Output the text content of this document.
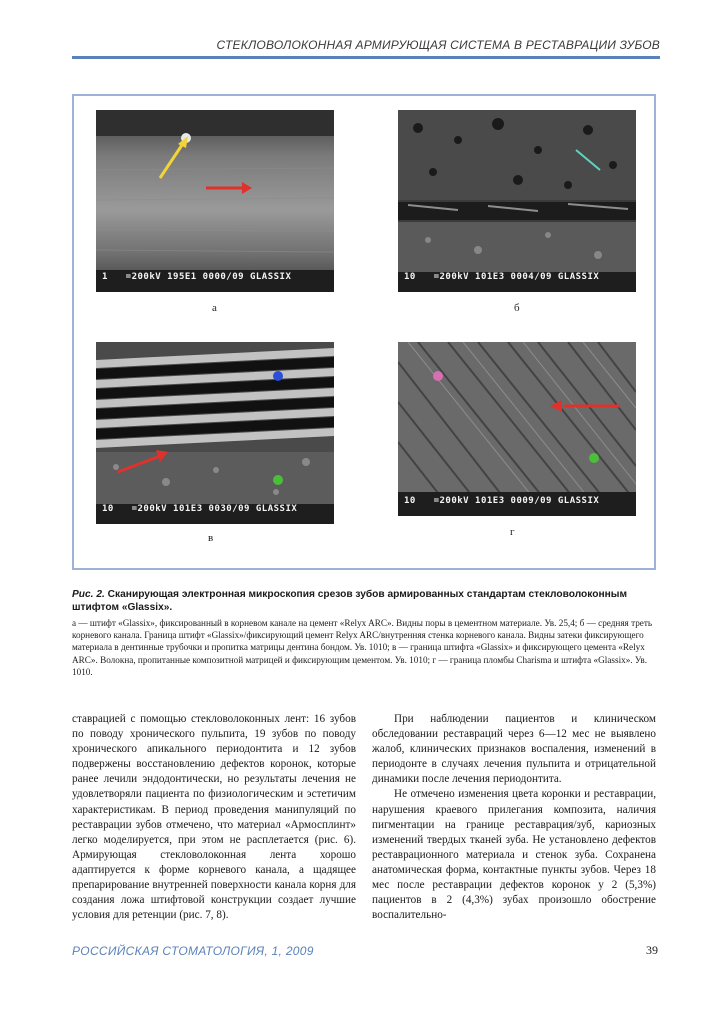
СТЕКЛОВОЛОКОННАЯ АРМИРУЮЩАЯ СИСТЕМА В РЕСТАВРАЦИИ ЗУБОВ
1   =200kV 195E1 0000/09 GLASSIX
а
10   =200kV 101E3 0004/09 GLASSIX
б
10   =200kV 101E3 0030/09 GLASSIX
в
10   =200kV 101E3 0009/09 GLASSIX
г
Рис. 2. Сканирующая электронная микроскопия срезов зубов армированных стандартам стекловолоконным штифтом «Glassix».

а — штифт «Glassix», фиксированный в корневом канале на цемент «Relyx ARC». Видны поры в цементном материале. Ув. 25,4; б — средняя треть корневого канала. Граница штифт «Glassix»/фиксирующий цемент Relyx ARC/внутренняя стенка корневого канала. Видны затеки фиксирующего материала в дентинные трубочки и пропитка матрицы дентина бондом. Ув. 1010; в — граница штифта «Glassix» и фиксирующего цемента «Relyx ARC». Волокна, пропитанные композитной матрицей и фиксирующим цементом. Ув. 1010; г — граница пломбы Charisma и штифта «Glassix». Ув. 1010.

ставрацией с помощью стекловолоконных лент: 16 зубов по поводу хронического пульпита, 19 зубов по поводу хронического апикального периодонтита и 12 зубов подвержены восстановлению дефектов коронок, которые ранее лечили эндодонтически, но результаты лечения не удовлетворяли пациента по физиологическим и эстетичим характеристикам. В период проведения манипуляций по реставрации зубов отмечено, что материал «Армосплинт» легко моделируется, при этом не расплетается (рис. 6). Армирующая стекловолоконная лента хорошо адаптируется к форме корневого канала, а щадящее препарирование внутренней поверхности канала корня для создания ложа штифтовой конструкции создает лучшие условия для ретенции (рис. 7, 8).

При наблюдении пациентов и клиническом обследовании реставраций через 6—12 мес не выявлено жалоб, клинических признаков воспаления, изменений в периодонте в случаях лечения пульпита и отрицательной динамики после лечения периодонтита.

Не отмечено изменения цвета коронки и реставрации, нарушения краевого прилегания композита, наличия пигментации на границе реставрация/зуб, кариозных изменений твердых тканей зуба. Не установлено дефектов реставрационного материала и стенок зуба. Сохранена анатомическая форма, контактные пункты зубов. Через 18 мес после реставрации дефектов коронок у 2 (5,3%) пациентов в 2 (4,3%) зубах произошло обострение воспалительно-

РОССИЙСКАЯ СТОМАТОЛОГИЯ, 1, 2009	39
